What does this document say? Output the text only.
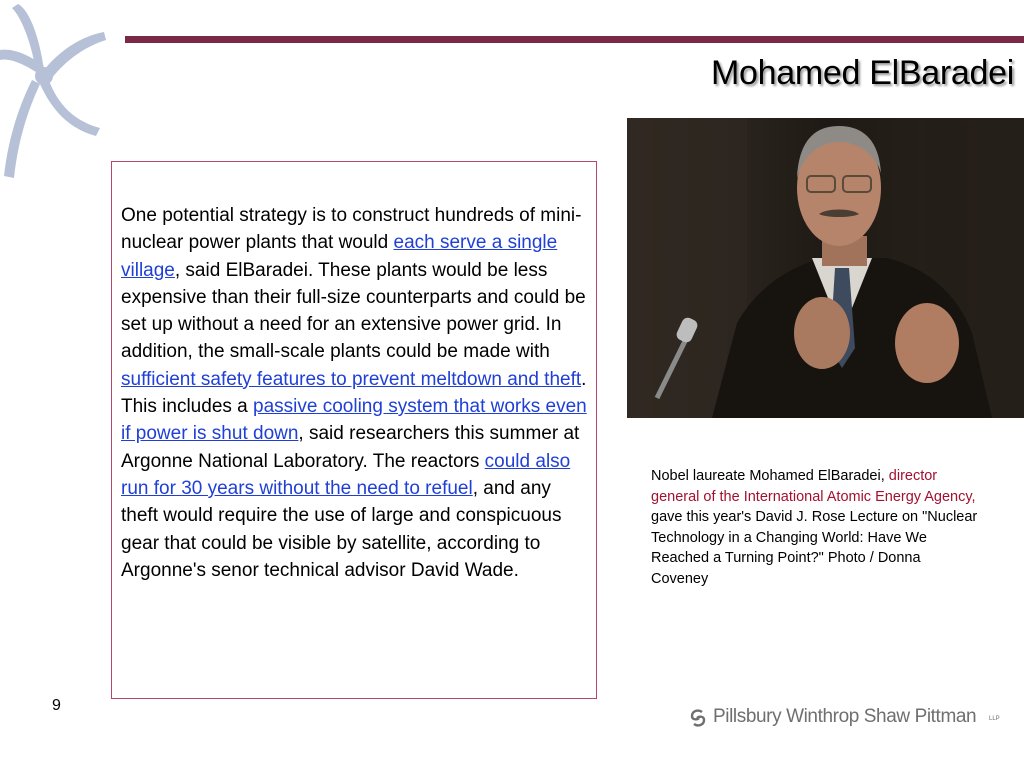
Mohamed ElBaradei
One potential strategy is to construct hundreds of mini-nuclear power plants that would each serve a single village, said ElBaradei. These plants would be less expensive than their full-size counterparts and could be set up without a need for an extensive power grid. In addition, the small-scale plants could be made with sufficient safety features to prevent meltdown and theft. This includes a passive cooling system that works even if power is shut down, said researchers this summer at Argonne National Laboratory. The reactors could also run for 30 years without the need to refuel, and any theft would require the use of large and conspicuous gear that could be visible by satellite, according to Argonne's senor technical advisor David Wade.
Nobel laureate Mohamed ElBaradei, director general of the International Atomic Energy Agency, gave this year's David J. Rose Lecture on "Nuclear Technology in a Changing World: Have We Reached a Turning Point?" Photo / Donna Coveney
9
Pillsbury Winthrop Shaw Pittman LLP
